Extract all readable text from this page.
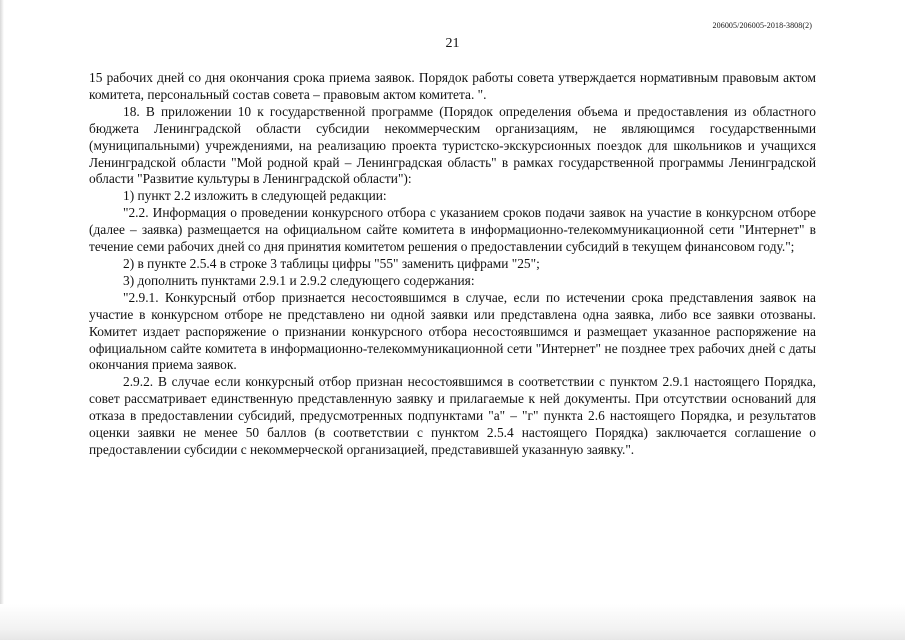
206005/206005-2018-3808(2)
21

15 рабочих дней со дня окончания срока приема заявок. Порядок работы совета утверждается нормативным правовым актом комитета, персональный состав совета – правовым актом комитета. ".

18. В приложении 10 к государственной программе (Порядок определения объема и предоставления из областного бюджета Ленинградской области субсидии некоммерческим организациям, не являющимся государственными (муниципальными) учреждениями, на реализацию проекта туристско-экскурсионных поездок для школьников и учащихся Ленинградской области "Мой родной край – Ленинградская область" в рамках государственной программы Ленинградской области "Развитие культуры в Ленинградской области"):

1) пункт 2.2 изложить в следующей редакции:

"2.2. Информация о проведении конкурсного отбора с указанием сроков подачи заявок на участие в конкурсном отборе (далее – заявка) размещается на официальном сайте комитета в информационно-телекоммуникационной сети "Интернет" в течение семи рабочих дней со дня принятия комитетом решения о предоставлении субсидий в текущем финансовом году.";

2) в пункте 2.5.4 в строке 3 таблицы цифры "55" заменить цифрами "25";

3) дополнить пунктами 2.9.1 и 2.9.2 следующего содержания:

"2.9.1. Конкурсный отбор признается несостоявшимся в случае, если по истечении срока представления заявок на участие в конкурсном отборе не представлено ни одной заявки или представлена одна заявка, либо все заявки отозваны. Комитет издает распоряжение о признании конкурсного отбора несостоявшимся и размещает указанное распоряжение на официальном сайте комитета в информационно-телекоммуникационной сети "Интернет" не позднее трех рабочих дней с даты окончания приема заявок.

2.9.2. В случае если конкурсный отбор признан несостоявшимся в соответствии с пунктом 2.9.1 настоящего Порядка, совет рассматривает единственную представленную заявку и прилагаемые к ней документы. При отсутствии оснований для отказа в предоставлении субсидий, предусмотренных подпунктами "а" – "г" пункта 2.6 настоящего Порядка, и результатов оценки заявки не менее 50 баллов (в соответствии с пунктом 2.5.4 настоящего Порядка) заключается соглашение о предоставлении субсидии с некоммерческой организацией, представившей указанную заявку.".
